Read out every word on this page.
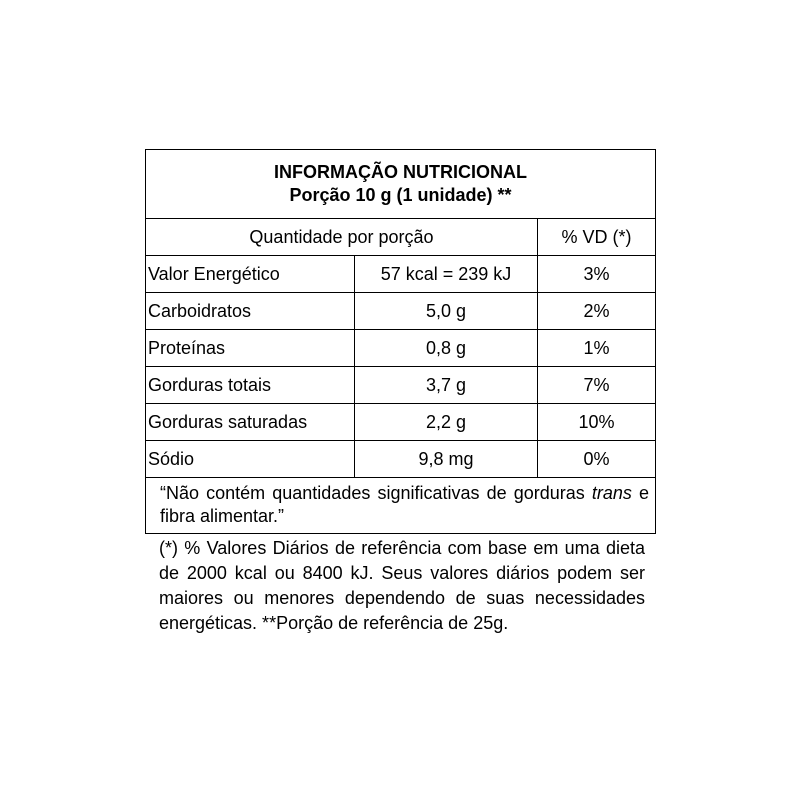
INFORMAÇÃO NUTRICIONAL
Porção 10 g (1 unidade) **		

Quantidade por porção		% VD (*)
Valor Energético	57 kcal = 239 kJ	3%
Carboidratos	5,0 g	2%
Proteínas	0,8 g	1%
Gorduras totais	3,7 g	7%
Gorduras saturadas	2,2 g	10%
Sódio	9,8 mg	0%
“Não contém quantidades significativas de gorduras trans e fibra alimentar.”		
(*) % Valores Diários de referência com base em uma dieta de 2000 kcal ou 8400 kJ. Seus valores diários podem ser maiores ou menores dependendo de suas necessidades energéticas. **Porção de referência de 25g.
